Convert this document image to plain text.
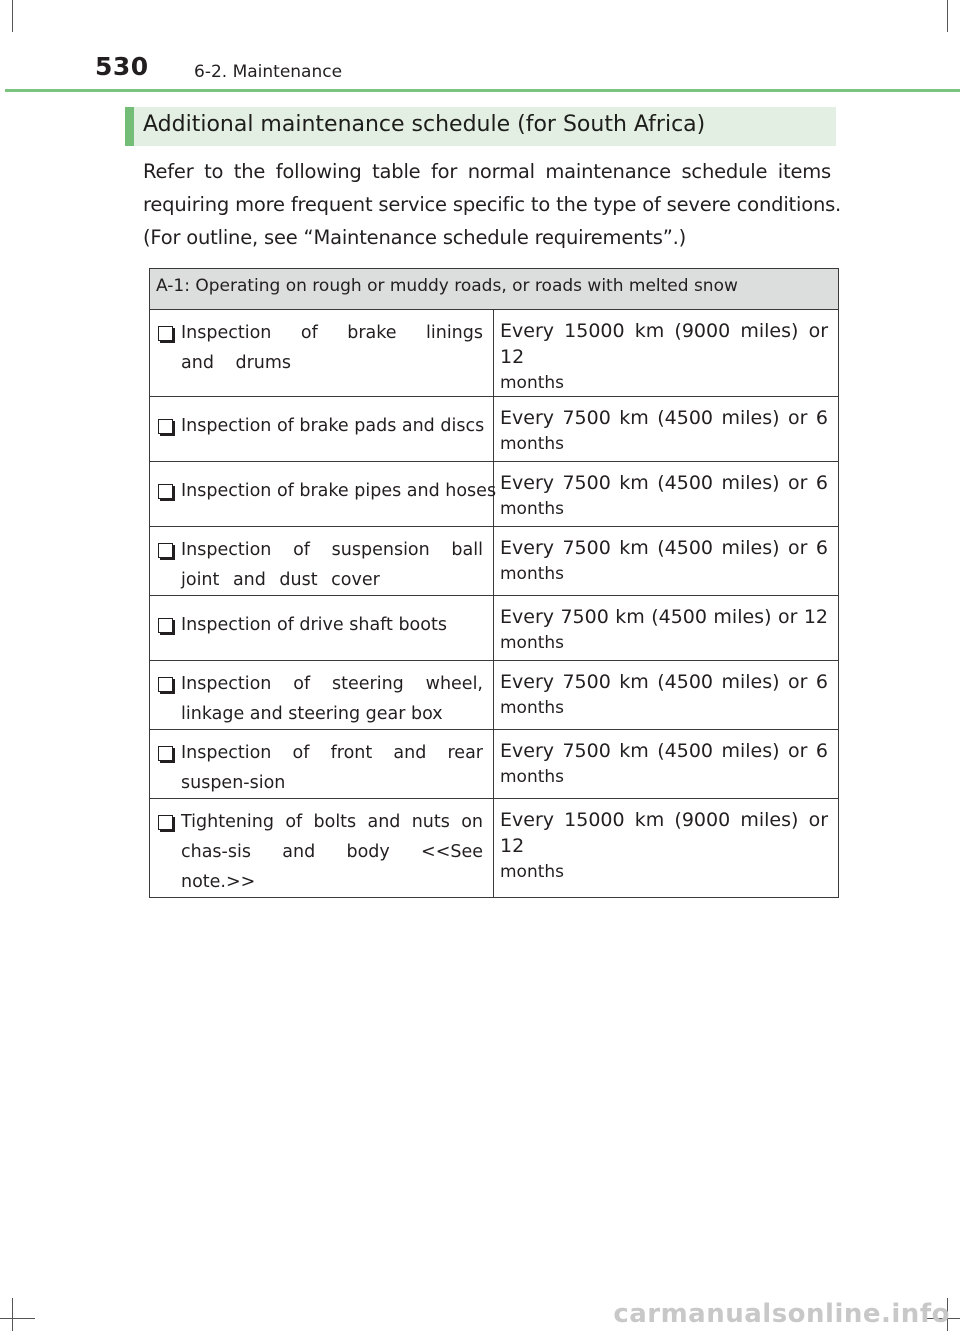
530	6-2. Maintenance
Additional maintenance schedule (for South Africa)
Refer to the following table for normal maintenance schedule items
requiring more frequent service specific to the type of severe conditions.
(For outline, see “Maintenance schedule requirements”.)
A-1: Operating on rough or muddy roads, or roads with melted snow	

Inspection of brake linings and drums	Every 15000 km (9000 miles) or 12
months

Inspection of brake pads and discs	Every 7500 km (4500 miles) or 6
months

Inspection of brake pipes and hoses	Every 7500 km (4500 miles) or 6
months

Inspection of suspension ball joint and dust cover	Every 7500 km (4500 miles) or 6
months

Inspection of drive shaft boots	Every 7500 km (4500 miles) or 12
months

Inspection of steering wheel, linkage and steering gear box	Every 7500 km (4500 miles) or 6
months

Inspection of front and rear suspen-sion	Every 7500 km (4500 miles) or 6
months

Tightening of bolts and nuts on chas-sis and body <<See note.>>	Every 15000 km (9000 miles) or 12
months
carmanualsonline.info
